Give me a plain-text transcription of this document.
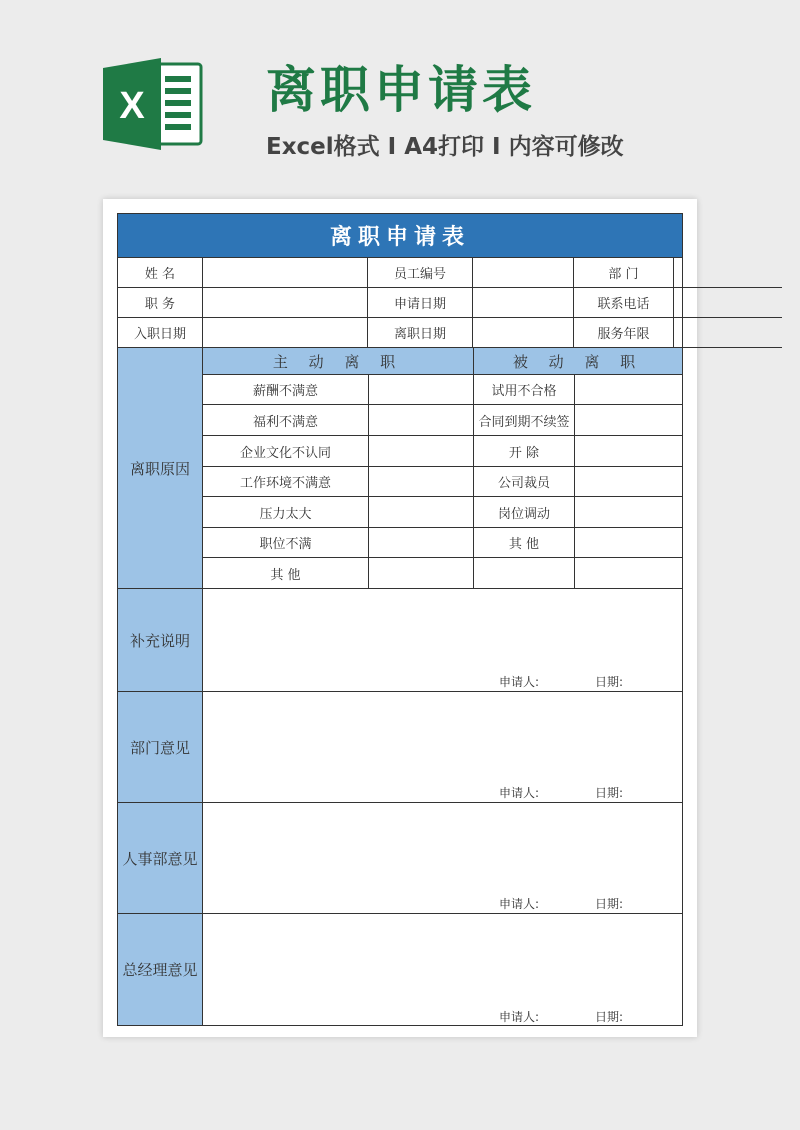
X 离职申请表
Excel格式 I A4打印 I 内容可修改
离职申请表
姓 名	员工编号	部 门
职 务	申请日期	联系电话
入职日期	离职日期	服务年限
离职原因
主 动 离 职	被 动 离 职
薪酬不满意	试用不合格
福利不满意	合同到期不续签
企业文化不认同	开 除
工作环境不满意	公司裁员
压力太大	岗位调动
职位不满	其 他
其 他
补充说明
申请人:	日期:
部门意见
申请人:	日期:
人事部意见
申请人:	日期:
总经理意见
申请人:	日期:
